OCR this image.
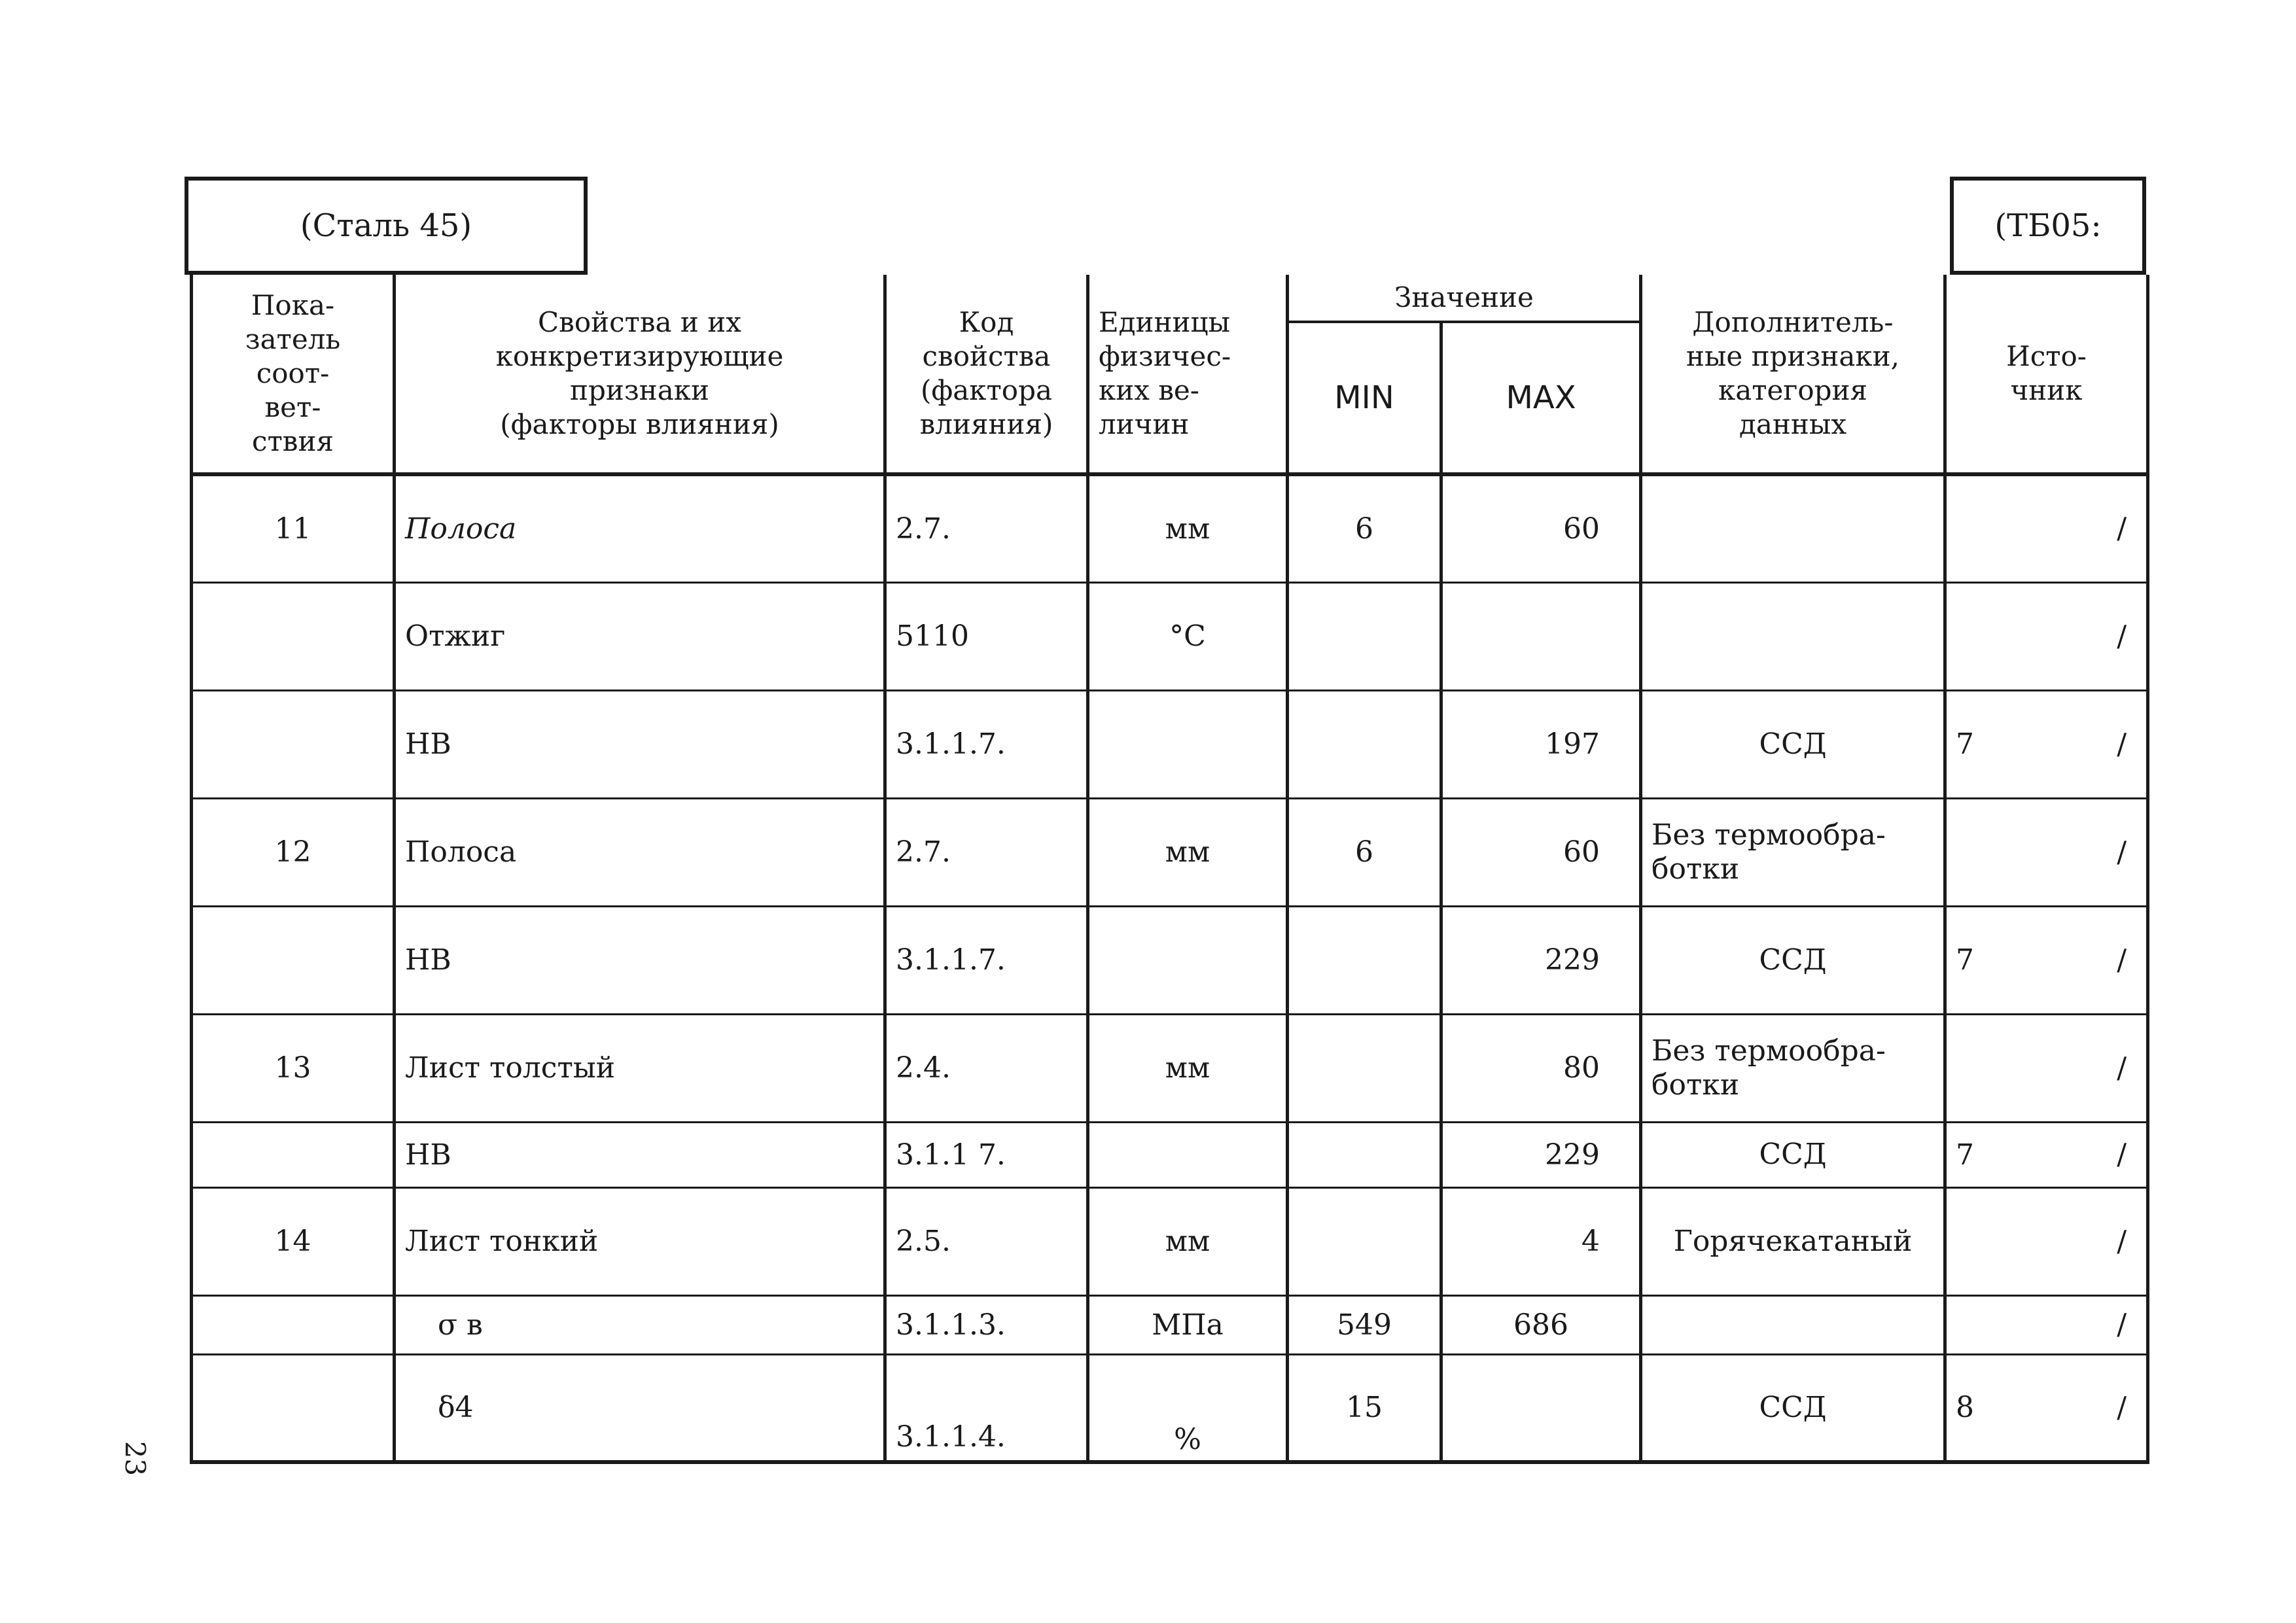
(Сталь 45)	(ТБ05:
Пока-
затель
соот-
вет-
ствия	Свойства и их
конкретизирующие
признаки
(факторы влияния)	Код
свойства
(фактора
влияния)	Единицы
физичес-
ких ве-
личин	Значение		Дополнитель-
ные признаки,
категория
данных	Исто-
чник
				MIN	MAX		
11	Полоса	2.7.	мм	6	60		/

	Отжиг	5110	°С				/

	НВ	3.1.1.7.			197	ССД	7 /

12	Полоса	2.7.	мм	6	60	Без термообра-
ботки	/

	НВ	3.1.1.7.			229	ССД	7 /

13	Лист толстый	2.4.	мм		80	Без термообра-
ботки	/

	НВ	3.1.1 7.			229	ССД	7 /

14	Лист тонкий	2.5.	мм		4	Горячекатаный	/

	σ в	3.1.1.3.	МПа	549	686		/

	δ4	3.1.1.4.	%	15		ССД	8 /
23
